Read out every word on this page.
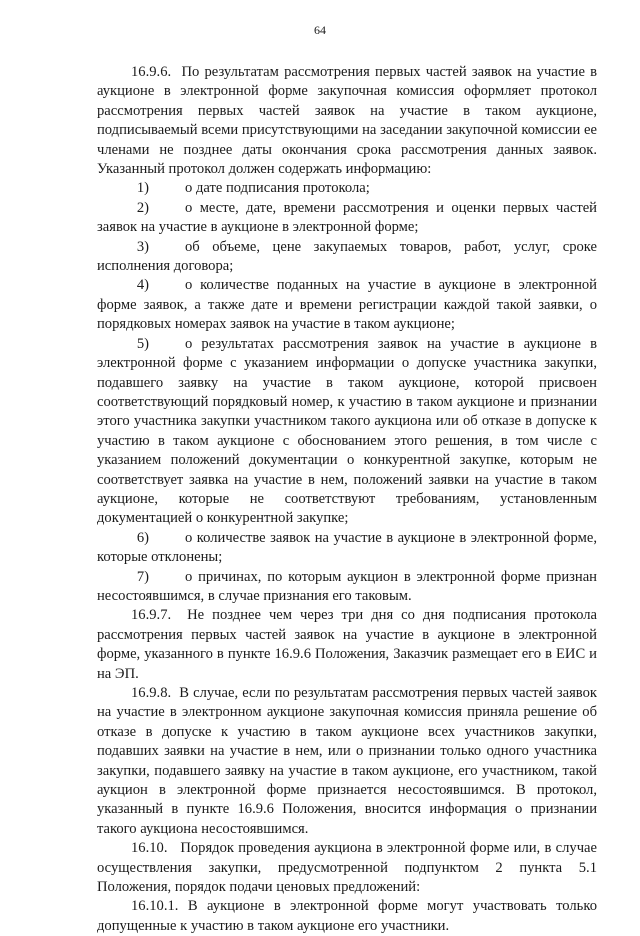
64

16.9.6.  По результатам рассмотрения первых частей заявок на участие в аукционе в электронной форме закупочная комиссия оформляет протокол рассмотрения первых частей заявок на участие в таком аукционе, подписываемый всеми присутствующими на заседании закупочной комиссии ее членами не позднее даты окончания срока рассмотрения данных заявок. Указанный протокол должен содержать информацию:

1) о дате подписания протокола;

2) о месте, дате, времени рассмотрения и оценки первых частей заявок на участие в аукционе в электронной форме;

3) об объеме, цене закупаемых товаров, работ, услуг, сроке исполнения договора;

4) о количестве поданных на участие в аукционе в электронной форме заявок, а также дате и времени регистрации каждой такой заявки, о порядковых номерах заявок на участие в таком аукционе;

5) о результатах рассмотрения заявок на участие в аукционе в электронной форме с указанием информации о допуске участника закупки, подавшего заявку на участие в таком аукционе, которой присвоен соответствующий порядковый номер, к участию в таком аукционе и признании этого участника закупки участником такого аукциона или об отказе в допуске к участию в таком аукционе с обоснованием этого решения, в том числе с указанием положений документации о конкурентной закупке, которым не соответствует заявка на участие в нем, положений заявки на участие в таком аукционе, которые не соответствуют требованиям, установленным документацией о конкурентной закупке;

6) о количестве заявок на участие в аукционе в электронной форме, которые отклонены;

7) о причинах, по которым аукцион в электронной форме признан несостоявшимся, в случае признания его таковым.

16.9.7.  Не позднее чем через три дня со дня подписания протокола рассмотрения первых частей заявок на участие в аукционе в электронной форме, указанного в пункте 16.9.6 Положения, Заказчик размещает его в ЕИС и на ЭП.

16.9.8.  В случае, если по результатам рассмотрения первых частей заявок на участие в электронном аукционе закупочная комиссия приняла решение об отказе в допуске к участию в таком аукционе всех участников закупки, подавших заявки на участие в нем, или о признании только одного участника закупки, подавшего заявку на участие в таком аукционе, его участником, такой аукцион в электронной форме признается несостоявшимся. В протокол, указанный в пункте 16.9.6 Положения, вносится информация о признании такого аукциона несостоявшимся.

16.10.   Порядок проведения аукциона в электронной форме или, в случае осуществления закупки, предусмотренной подпунктом 2 пункта 5.1 Положения, порядок подачи ценовых предложений:

16.10.1. В аукционе в электронной форме могут участвовать только допущенные к участию в таком аукционе его участники.
